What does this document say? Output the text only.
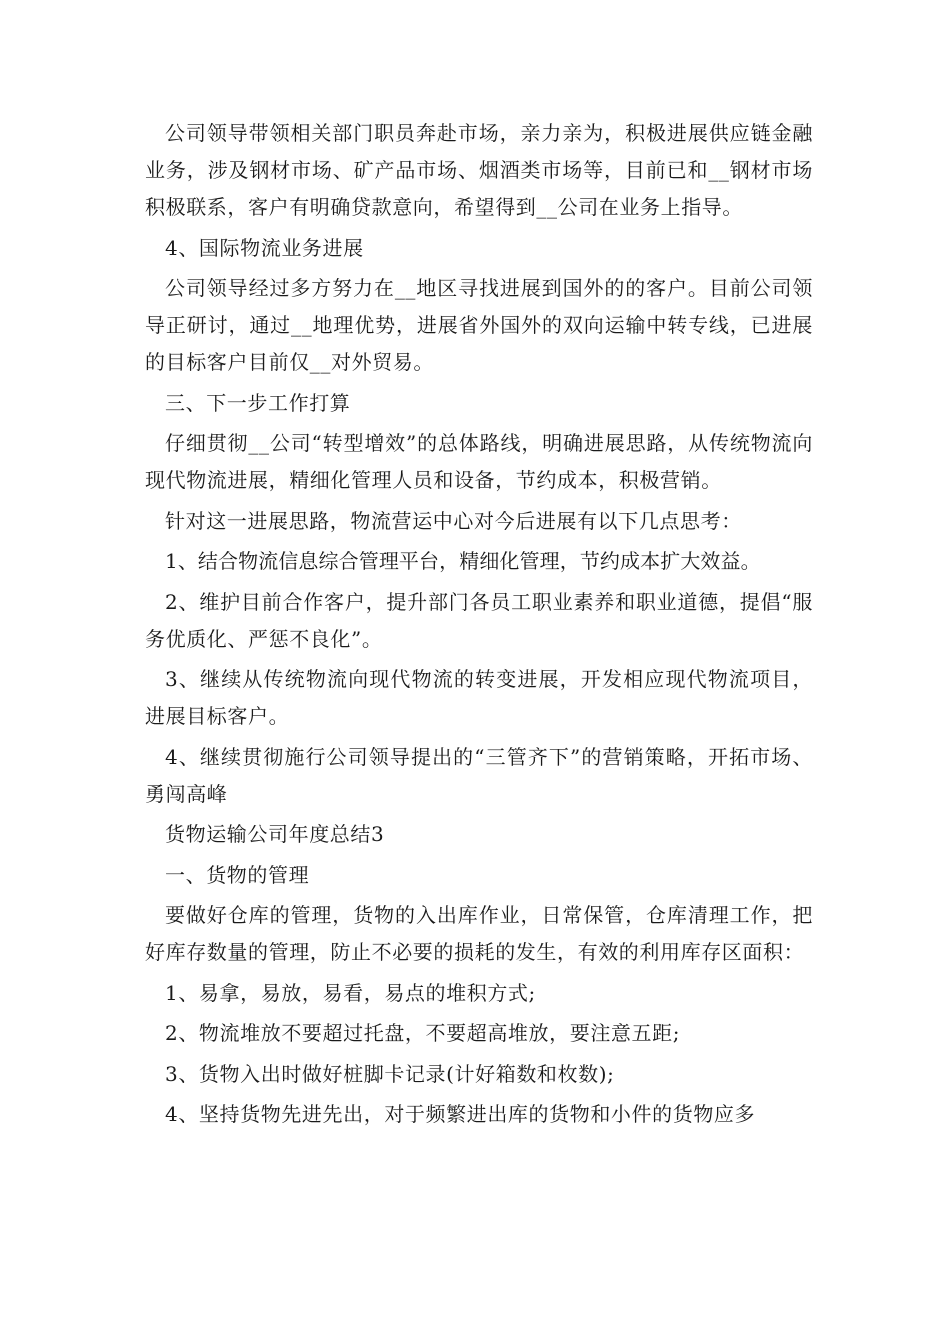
公司领导带领相关部门职员奔赴市场，亲力亲为，积极进展供应链金融业务，涉及钢材市场、矿产品市场、烟酒类市场等，目前已和__钢材市场积极联系，客户有明确贷款意向，希望得到__公司在业务上指导。

4、国际物流业务进展

公司领导经过多方努力在__地区寻找进展到国外的的客户。目前公司领导正研讨，通过__地理优势，进展省外国外的双向运输中转专线，已进展的目标客户目前仅__对外贸易。

三、下一步工作打算

仔细贯彻__公司“转型增效”的总体路线，明确进展思路，从传统物流向现代物流进展，精细化管理人员和设备，节约成本，积极营销。

针对这一进展思路，物流营运中心对今后进展有以下几点思考：

1、结合物流信息综合管理平台，精细化管理，节约成本扩大效益。

2、维护目前合作客户，提升部门各员工职业素养和职业道德，提倡“服务优质化、严惩不良化”。

3、继续从传统物流向现代物流的转变进展，开发相应现代物流项目，进展目标客户。

4、继续贯彻施行公司领导提出的“三管齐下”的营销策略，开拓市场、勇闯高峰

货物运输公司年度总结3

一、货物的管理

要做好仓库的管理，货物的入出库作业，日常保管，仓库清理工作，把好库存数量的管理，防止不必要的损耗的发生，有效的利用库存区面积：

1、易拿，易放，易看，易点的堆积方式;

2、物流堆放不要超过托盘，不要超高堆放，要注意五距;

3、货物入出时做好桩脚卡记录(计好箱数和枚数);

4、坚持货物先进先出，对于频繁进出库的货物和小件的货物应多
